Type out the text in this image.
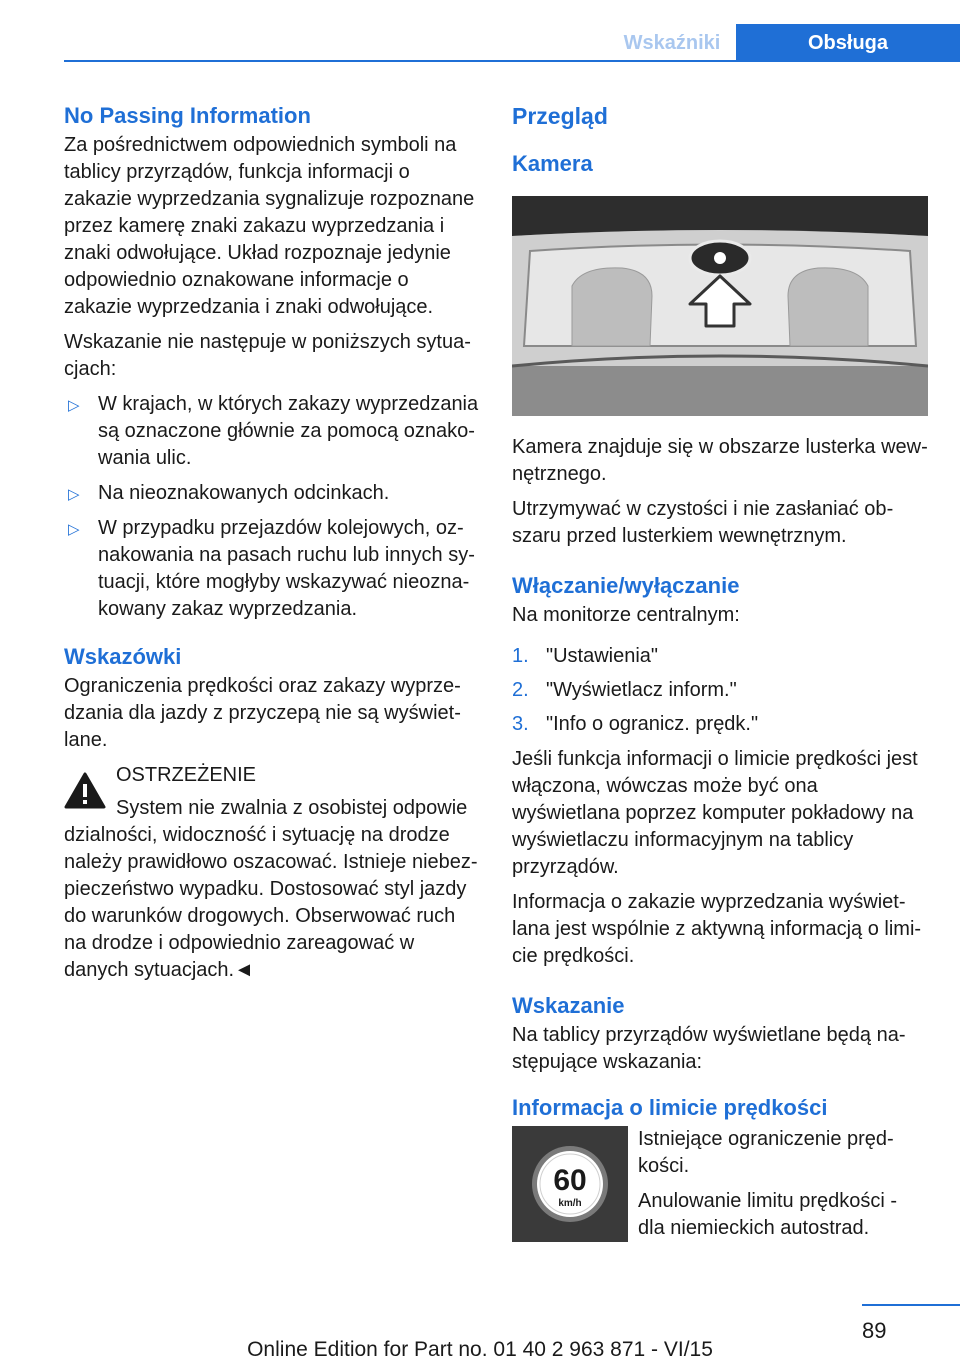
Wskaźniki	Obsługa
No Passing Information

Za pośrednictwem odpowiednich symboli na tablicy przyrządów, funkcja informacji o zakazie wyprzedzania sygnalizuje rozpoznane przez kamerę znaki zakazu wyprzedzania i znaki odwołujące. Układ rozpoznaje jedynie odpowiednio oznakowane informacje o zakazie wyprzedzania i znaki odwołujące.

Wskazanie nie następuje w poniższych sytuacjach:

▷ W krajach, w których zakazy wyprzedzania są oznaczone głównie za pomocą oznakowania ulic.
▷ Na nieoznakowanych odcinkach.
▷ W przypadku przejazdów kolejowych, oznakowania na pasach ruchu lub innych sytuacji, które mogłyby wskazywać nieoznakowany zakaz wyprzedzania.
Wskazówki

Ograniczenia prędkości oraz zakazy wyprzedzania dla jazdy z przyczepą nie są wyświetlane.

OSTRZEŻENIE

System nie zwalnia z osobistej odpowie

dzialności, widoczność i sytuację na drodze należy prawidłowo oszacować. Istnieje niebezpieczeństwo wypadku. Dostosować styl jazdy do warunków drogowych. Obserwować ruch na drodze i odpowiednio zareagować w danych sytuacjach.◄

Przegląd
Kamera

Kamera znajduje się w obszarze lusterka wewnętrznego.

Utrzymywać w czystości i nie zasłaniać obszaru przed lusterkiem wewnętrznym.

Włączanie/wyłączanie

Na monitorze centralnym:

1. "Ustawienia"
2. "Wyświetlacz inform."
3. "Info o ogranicz. prędk."

Jeśli funkcja informacji o limicie prędkości jest włączona, wówczas może być ona wyświetlana poprzez komputer pokładowy na wyświetlaczu informacyjnym na tablicy przyrządów.

Informacja o zakazie wyprzedzania wyświetlana jest wspólnie z aktywną informacją o limicie prędkości.

Wskazanie

Na tablicy przyrządów wyświetlane będą następujące wskazania:

Informacja o limicie prędkości
60
km/h

Istniejące ograniczenie prędkości.

Anulowanie limitu prędkości - dla niemieckich autostrad.

89
Online Edition for Part no. 01 40 2 963 871 - VI/15
